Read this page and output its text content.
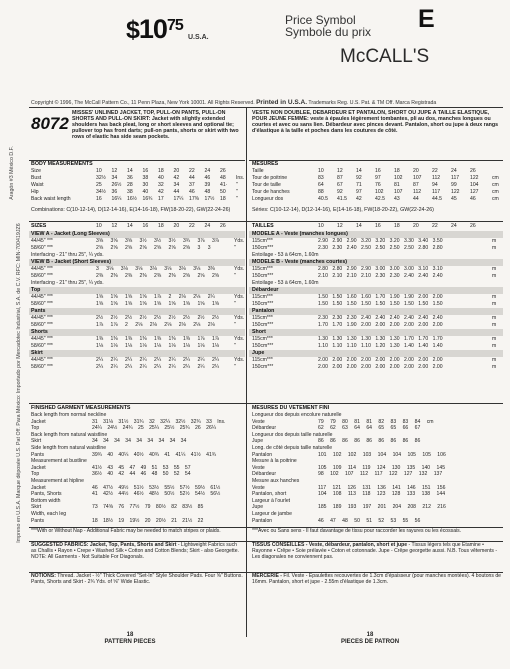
$\$10^{75}$
U.S.A.
Price Symbol
Symbole du prix E
McCALL'S
Copyright © 1996, The McCall Pattern Co., 11 Penn Plaza, New York 10001. All Rights Reserved. Printed in U.S.A. Trademarks Reg. U.S. Pat. & TM Off. Marca Registrada
Impreso en U.S.A. Marque déposée U.S. Pat Off. Para México: Importado por Mercadotec Industrial, S.A. de C.V. RFC: MIN-700419JZ6
Aragón #3 México D.F.
8072
MISSES' UNLINED JACKET, TOP, PULL-ON PANTS, PULL-ON SHORTS AND PULL-ON SKIRT: Jacket with slightly extended shoulders has back pleat, long or short sleeves and optional tie; pullover top has front darts; pull-on pants, shorts or skirt with two rows of elastic has side seam pockets.
VESTE NON DOUBLEE, DEBARDEUR ET PANTALON, SHORT OU JUPE A TAILLE ELASTIQUE, POUR JEUNE FEMME: veste à épaules légèrement tombantes, pli au dos, manches longues ou courtes et avec ou sans lien. Débardeur avec pinces devant. Pantalon, short ou jupe à deux rangs d'élastique à la taille et poches dans les coutures de côté.
BODY MEASUREMENTS
Size	10 12 14 16 18 20 22 24 26
Bust	32½ 34 36 38 40 42 44 46 48 Ins.
Waist	25 26½ 28 30 32 34 37 39 41· "
Hip	34½ 36 38 40 42 44 46 48 50 "
Back waist length	16 16¼ 16½ 16¾ 17 17¼ 17⅜ 17½ 18 "
Combinations: C(10-12-14), D(12-14-16), E(14-16-18), FW(18-20-22), GW(22-24-26)
MESURES
Taille	10	12	14	16	18	20	22	24	26
Tour de poitrine	83	87	92	97	102 107 112 117 122	cm
Tour de taille	64	67	71	76	81	87	94	99	104	cm
Tour de hanches	88	92	97	102 107 112 117 122 127	cm
Longueur dos	40.5 41.5 42	42.5 43	44	44.5 45	46	cm
Séries: C(10-12-14), D(12-14-16), E(14-16-18), FW(18-20-22), GW(22-24-26)
SIZES	10 12 14 16 18 20 22 24 26
VIEW A - Jacket (Long Sleeves)
44/45" ***	3⅝ 3⅝ 3⅝ 3½ 3½ 3½ 3¾ 3⅞ 3⅞	Yds.
58/60" ***	2⅝ 2⅝ 2⅝ 2⅝ 2⅝ 2⅝ 2⅝ 3 3	"
Interfacing - 21" thru 25", ¼ yds.
VIEW B - Jacket (Short Sleeves)
44/45" ***	3 3⅛ 3⅛ 3⅛ 3⅛ 3⅛ 3⅛ 3⅛ 3⅜	Yds.
58/60" ***	2⅜ 2⅜ 2⅜ 2⅜ 2⅜ 2⅜ 2⅝ 2⅝ 2⅝	"
Interfacing - 21" thru 25", ¼ yds.
Top
44/45" ***	1⅝ 1⅝ 1⅝ 1⅝ 1⅞ 2 2⅛ 2⅛ 2¼	Yds.
58/60" ***	1⅝ 1⅝ 1⅝ 1⅝ 1⅝ 1⅝ 1⅝ 1⅝ 1⅝	"
Pants
44/45" ***	2½ 2½ 2½ 2½ 2½ 2½ 2½ 2½ 2½	Yds.
58/60" ***	1⅞ 1⅞ 2 2⅛ 2⅛ 2⅛ 2⅛ 2⅛ 2⅛	"
Shorts
44/45" ***	1⅜ 1⅜ 1⅜ 1⅜ 1⅜ 1⅜ 1⅜ 1⅞ 1⅞	Yds.
58/60" ***	1⅛ 1⅛ 1⅛ 1⅛ 1⅛ 1⅛ 1⅛ 1⅛ 1⅛	"
Skirt
44/45" ***	2¼ 2¼ 2¼ 2¼ 2¼ 2¼ 2¼ 2¼ 2¼	Yds.
58/60" ***	2¼ 2¼ 2¼ 2¼ 2¼ 2¼ 2¼ 2¼ 2¼	"
TAILLES	10	12	14	16	18	20	22	24	26
MODELE A - Veste (manches longues)
115cm***	2.90 2.90 2.90 3.20 3.20 3.20 3.30 3.40 3.50	m
150cm***	2.30 2.30 2.40 2.50 2.50 2.50 2.50 2.80 2.80	m
Entoilage - 53 à 64cm, 1.60m
MODELE B - Veste (manches courtes)
115cm***	2.80 2.80 2.90 2.90 3.00 3.00 3.00 3.10 3.10	m
150cm***	2.10 2.10 2.10 2.10 2.30 2.30 2.40 2.40 2.40	m
Entoilage - 53 à 64cm, 1.60m
Débardeur
115cm***	1.50 1.50 1.60 1.60 1.70 1.90 1.90 2.00 2.00	m
150cm***	1.50 1.50 1.50 1.50 1.50 1.50 1.50 1.50 1.50	m
Pantalon
115cm***	2.30 2.30 2.30 2.40 2.40 2.40 2.40 2.40 2.40	m
150cm***	1.70 1.70 1.90 2.00 2.00 2.00 2.00 2.00 2.00	m
Short
115cm***	1.30 1.30 1.30 1.30 1.30 1.30 1.70 1.70 1.70	m
150cm***	1.10 1.10 1.10 1.10 1.20 1.30 1.40 1.40 1.40	m
Jupe
115cm***	2.00 2.00 2.00 2.00 2.00 2.00 2.00 2.00 2.00	m
150cm***	2.00 2.00 2.00 2.00 2.00 2.00 2.00 2.00 2.00	m
FINISHED GARMENT MEASUREMENTS
Back length from normal neckline
Jacket	31 31⅛ 31½ 31¾ 32 32¼ 32½ 32¾ 33 Ins.
Top	24¼ 24½ 24¾ 25 25¼ 25½ 25¾ 26 26¼
Back length from natural waistline
Skirt	34 34 34 34 34 34 34 34 34
Side length from natural waistline
Pants	39¾ 40 40¼ 40½ 40¾ 41 41¼ 41½ 41¾
Measurement at bustline
Jacket	41½ 43 45 47 49 51 53 55 57
Top	36½ 40 42 44 46 48 50 52 54
Measurement at hipline
Jacket	46 47½ 49½ 51½ 53½ 55½ 57½ 59½ 61½
Pants, Shorts	41 42½ 44½ 46½ 48½ 50½ 52½ 54½ 56½
Bottom width
Skirt	73 74⅝ 76 77½ 79 80½ 82 83½ 85
Width, each leg
Pants	18 18½ 19 19½ 20 20½ 21 21½ 22
MESURES DU VETEMENT FINI
Longueur dos depuis encolure naturelle
Veste	79 79 80 81 81 82 83 83 84 cm
Débardeur	62 62 63 64 64 65 65 66 67
Longueur dos depuis taille naturelle
Jupe	86 86 86 86 86 86 86 86 86
Long. de côté depuis taille naturelle
Pantalon	101 102 102 103 104 104 105 105 106
Mesure à la poitrine
Veste	105 109 114 119 124 130 135 140 145
Débardeur	98 102 107 112 117 122 127 132 137
Mesure aux hanches
Veste	117 121 126 131 136 141 146 151 156
Pantalon, short	104 108 113 118 123 128 133 138 144
Largeur à l'ourlet
Jupe	185 189 193 197 201 204 208 212 216
Largeur de jambe
Pantalon	46 47 48 50 51 52 53 55 56
***With or Without Nap - Additional Fabric may be needed to match stripes or plaids.	***Avec ou Sans sens - Il faut davantage de tissu pour raccorder les rayures ou les écossais.
SUGGESTED FABRICS: Jacket, Top, Pants, Shorts and Skirt - Lightweight Fabrics such as Challis • Rayon • Crepe • Washed Silk • Cotton and Cotton Blends; Skirt - also Georgette. NOTE: All Garments - Not Suitable For Diagonals.
TISSUS CONSEILLES - Veste, débardeur, pantalon, short et jupe - Tissus légers tels que Etamine • Rayonne • Crêpe • Soie prélavée • Coton et cotonnade. Jupe - Crêpe georgette aussi. N.B. Tous vêtements - Les diagonales ne conviennent pas.
NOTIONS: Thread. Jacket - ½" Thick Covered "Set-In" Style Shoulder Pads. Four ⅝" Buttons. Pants, Shorts and Skirt - 2¾ Yds. of ⅝" Wide Elastic.
MERCERIE - Fil. Veste - Epaulettes recouvertes de 1.3cm d'épaisseur (pour manches montées). 4 boutons de 16mm. Pantalon, short et jupe - 2.55m d'élastique de 1.3cm.
18
PATTERN PIECES
18
PIECES DE PATRON
